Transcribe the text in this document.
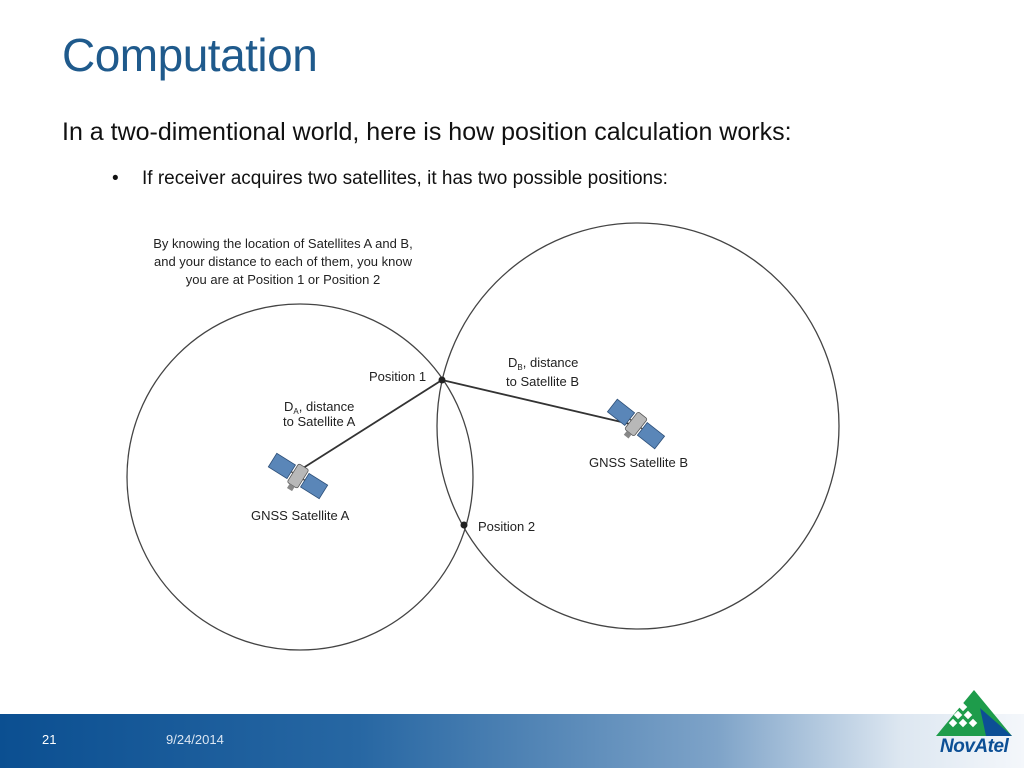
Computation
In a two-dimentional world, here is how position calculation works:
• If receiver acquires two satellites, it has two possible positions:
By knowing the location of Satellites A and B,
and your distance to each of them, you know
you are at Position 1 or Position 2
Position 1
Position 2
$D_A$, distance
to Satellite A
$D_B$, distance
to Satellite B
GNSS Satellite A
GNSS Satellite B
21	9/24/2014	NovAtel
